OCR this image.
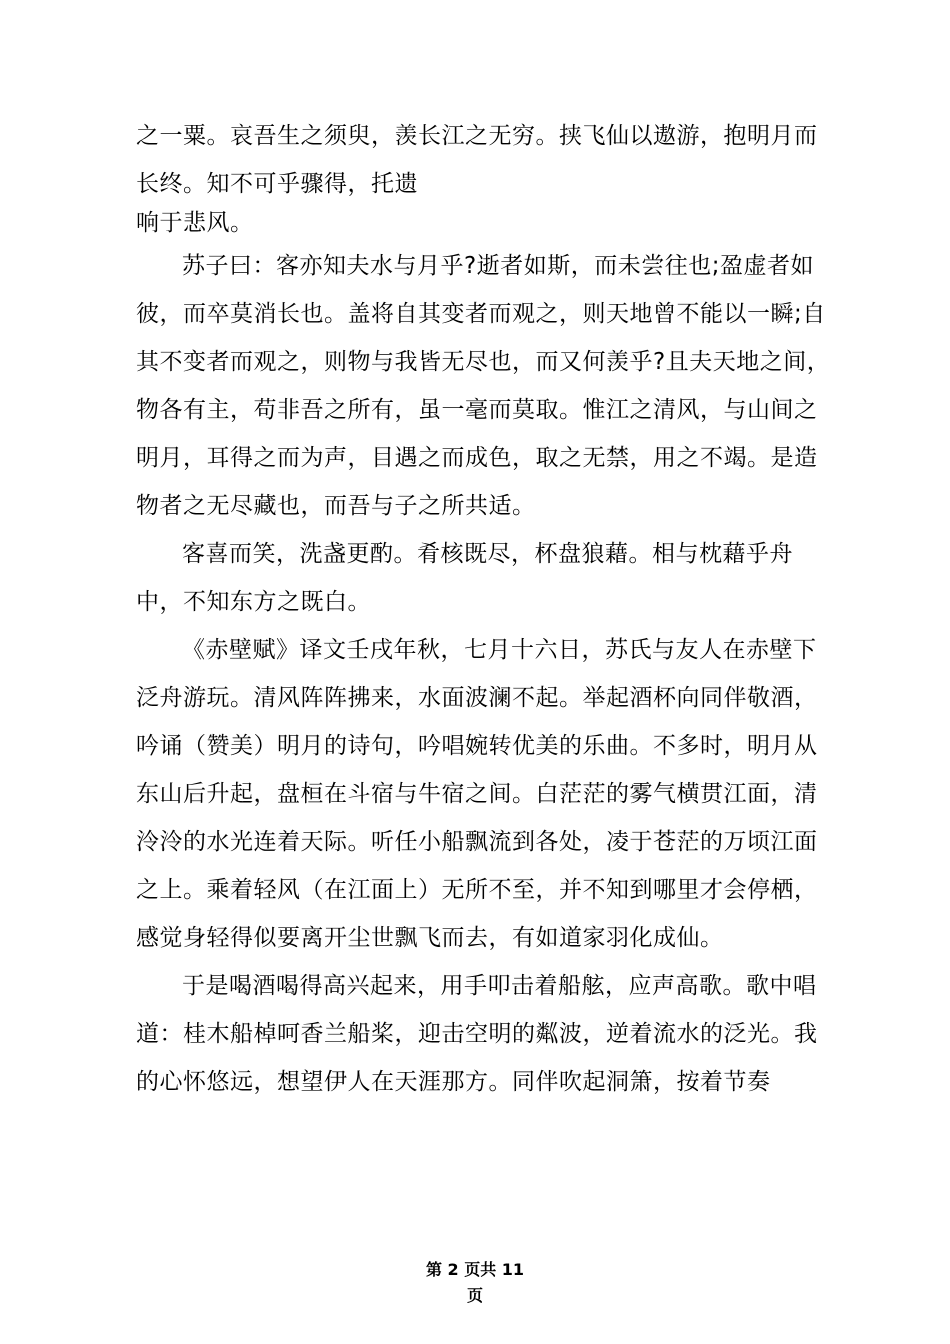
之一粟。哀吾生之须臾，羡长江之无穷。挟飞仙以遨游，抱明月而长终。知不可乎骤得，托遗

响于悲风。

苏子曰：客亦知夫水与月乎?逝者如斯，而未尝往也;盈虚者如彼，而卒莫消长也。盖将自其变者而观之，则天地曾不能以一瞬;自其不变者而观之，则物与我皆无尽也，而又何羡乎?且夫天地之间，物各有主，苟非吾之所有，虽一毫而莫取。惟江之清风，与山间之明月，耳得之而为声，目遇之而成色，取之无禁，用之不竭。是造物者之无尽藏也，而吾与子之所共适。

客喜而笑，洗盏更酌。肴核既尽，杯盘狼藉。相与枕藉乎舟中，不知东方之既白。

《赤壁赋》译文壬戌年秋，七月十六日，苏氏与友人在赤壁下泛舟游玩。清风阵阵拂来，水面波澜不起。举起酒杯向同伴敬酒，吟诵（赞美）明月的诗句，吟唱婉转优美的乐曲。不多时，明月从东山后升起，盘桓在斗宿与牛宿之间。白茫茫的雾气横贯江面，清泠泠的水光连着天际。听任小船飘流到各处，凌于苍茫的万顷江面之上。乘着轻风（在江面上）无所不至，并不知到哪里才会停栖，感觉身轻得似要离开尘世飘飞而去，有如道家羽化成仙。

于是喝酒喝得高兴起来，用手叩击着船舷，应声高歌。歌中唱道：桂木船棹呵香兰船桨，迎击空明的粼波，逆着流水的泛光。我的心怀悠远，想望伊人在天涯那方。同伴吹起洞箫，按着节奏

第 2 页共 11
页
